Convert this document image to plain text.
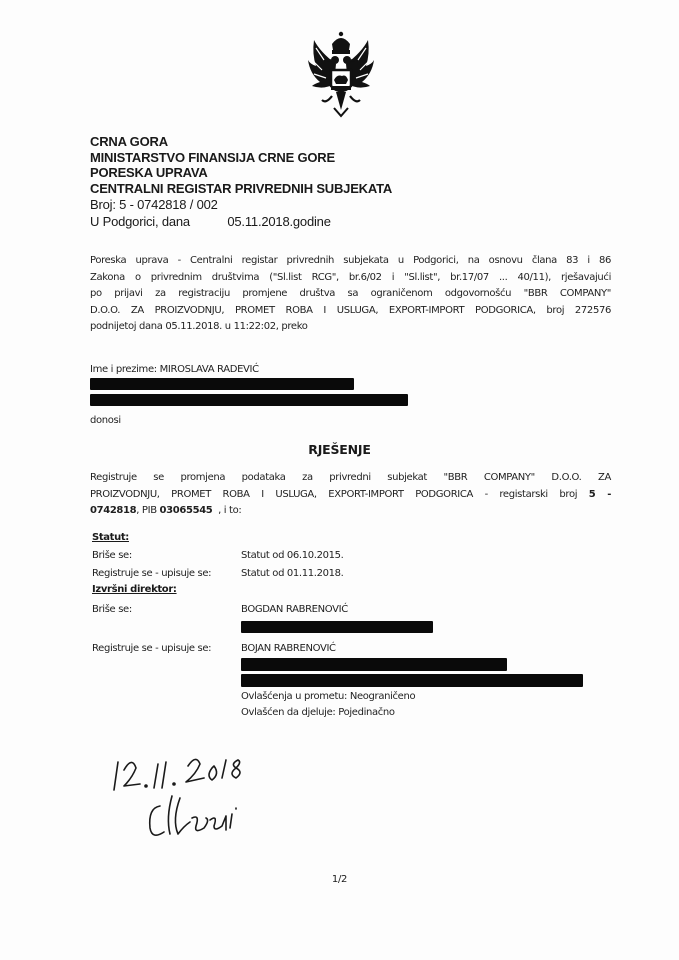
CRNA GORA
MINISTARSTVO FINANSIJA CRNE GORE
PORESKA UPRAVA
CENTRALNI REGISTAR PRIVREDNIH SUBJEKATA
Broj: 5 - 0742818 / 002
U Podgorici, dana	05.11.2018.godine
Poreska uprava - Centralni registar privrednih subjekata u Podgorici, na osnovu člana 83 i 86
Zakona o privrednim društvima ("Sl.list RCG", br.6/02 i "Sl.list", br.17/07 ... 40/11), rješavajući
po prijavi za registraciju promjene društva sa ograničenom odgovornošću "BBR COMPANY"
D.O.O. ZA PROIZVODNJU, PROMET ROBA I USLUGA, EXPORT-IMPORT PODGORICA, broj 272576
podnijetoj dana 05.11.2018. u 11:22:02, preko
Ime i prezime: MIROSLAVA RADEVIĆ
donosi
RJEŠENJE
Registruje se promjena podataka za privredni subjekat "BBR COMPANY" D.O.O. ZA
PROIZVODNJU, PROMET ROBA I USLUGA, EXPORT-IMPORT PODGORICA - registarski broj 5 -
0742818, PIB 03065545  , i to:
Statut:
Briše se:	Statut od 06.10.2015.
Registruje se - upisuje se:	Statut od 01.11.2018.
Izvršni direktor:
Briše se:	BOGDAN RABRENOVIĆ
Registruje se - upisuje se:	BOJAN RABRENOVIĆ
Ovlašćenja u prometu: Neograničeno
Ovlašćen da djeluje: Pojedinačno
1/2
